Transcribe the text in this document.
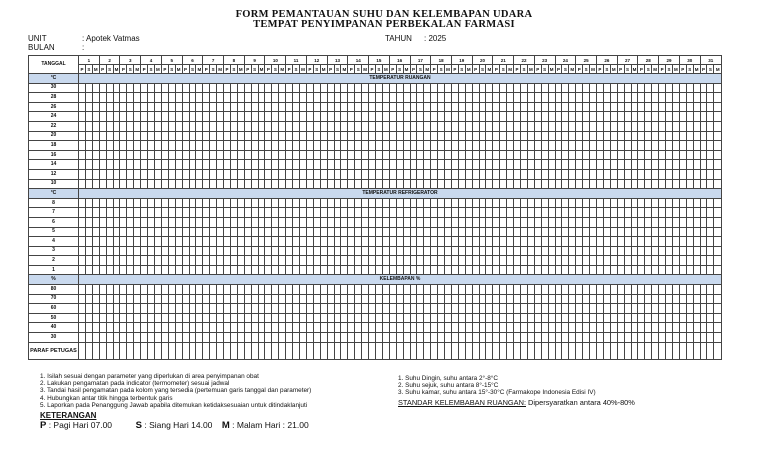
FORM PEMANTAUAN SUHU DAN KELEMBAPAN UDARA
TEMPAT PENYIMPANAN PERBEKALAN FARMASI
UNIT	: Apotek Vatmas
BULAN	:
TAHUN : 2025
TANGGAL	1	2	3	4	5	6	7	8	9	10	11	12	13	14	15	16	17	18	19	20	21	22	23	24	25	26	27	28	29	30	31
P	S	M	P	S	M	P	S	M	P	S	M	P	S	M	P	S	M	P	S	M	P	S	M	P	S	M	P	S	M	P	S	M	P	S	M	P	S	M	P	S	M	P	S	M	P	S	M	P	S	M	P	S	M	P	S	M	P	S	M	P	S	M	P	S	M	P	S	M	P	S	M	P	S	M	P	S	M	P	S	M	P	S	M	P	S	M	P	S	M	P	S	M
°C	TEMPERATUR RUANGAN
30																																																																																													
28																																																																																													
26																																																																																													
24																																																																																													
22																																																																																													
20																																																																																													
18																																																																																													
16																																																																																													
14																																																																																													
12																																																																																													
10																																																																																													
°C	TEMPERATUR REFRIGERATOR
8																																																																																													
7																																																																																													
6																																																																																													
5																																																																																													
4																																																																																													
3																																																																																													
2																																																																																													
1																																																																																													
%	KELEMBAPAN %
80																																																																																													
70																																																																																													
60																																																																																													
50																																																																																													
40																																																																																													
30																																																																																													
PARAF PETUGAS																																																																																													
1. Isilah sesuai dengan parameter yang diperlukan di area penyimpanan obat
2. Lakukan pengamatan pada indicator (termometer) sesuai jadwal
3. Tandai hasil pengamatan pada kolom yang tersedia (pertemuan garis tanggal dan parameter)
4. Hubungkan antar titik hingga terbentuk garis
5. Laporkan pada Penanggung Jawab apabila ditemukan ketidaksesuaian untuk ditindaklanjuti
1. Suhu Dingin, suhu antara 2°-8°C
2. Suhu sejuk, suhu antara 8°-15°C
3. Suhu kamar, suhu antara 15°-30°C (Farmakope Indonesia Edisi IV)
STANDAR KELEMBABAN RUANGAN: Dipersyaratkan antara 40%-80%
KETERANGAN
P : Pagi Hari 07.00 S : Siang Hari 14.00 M : Malam Hari : 21.00
